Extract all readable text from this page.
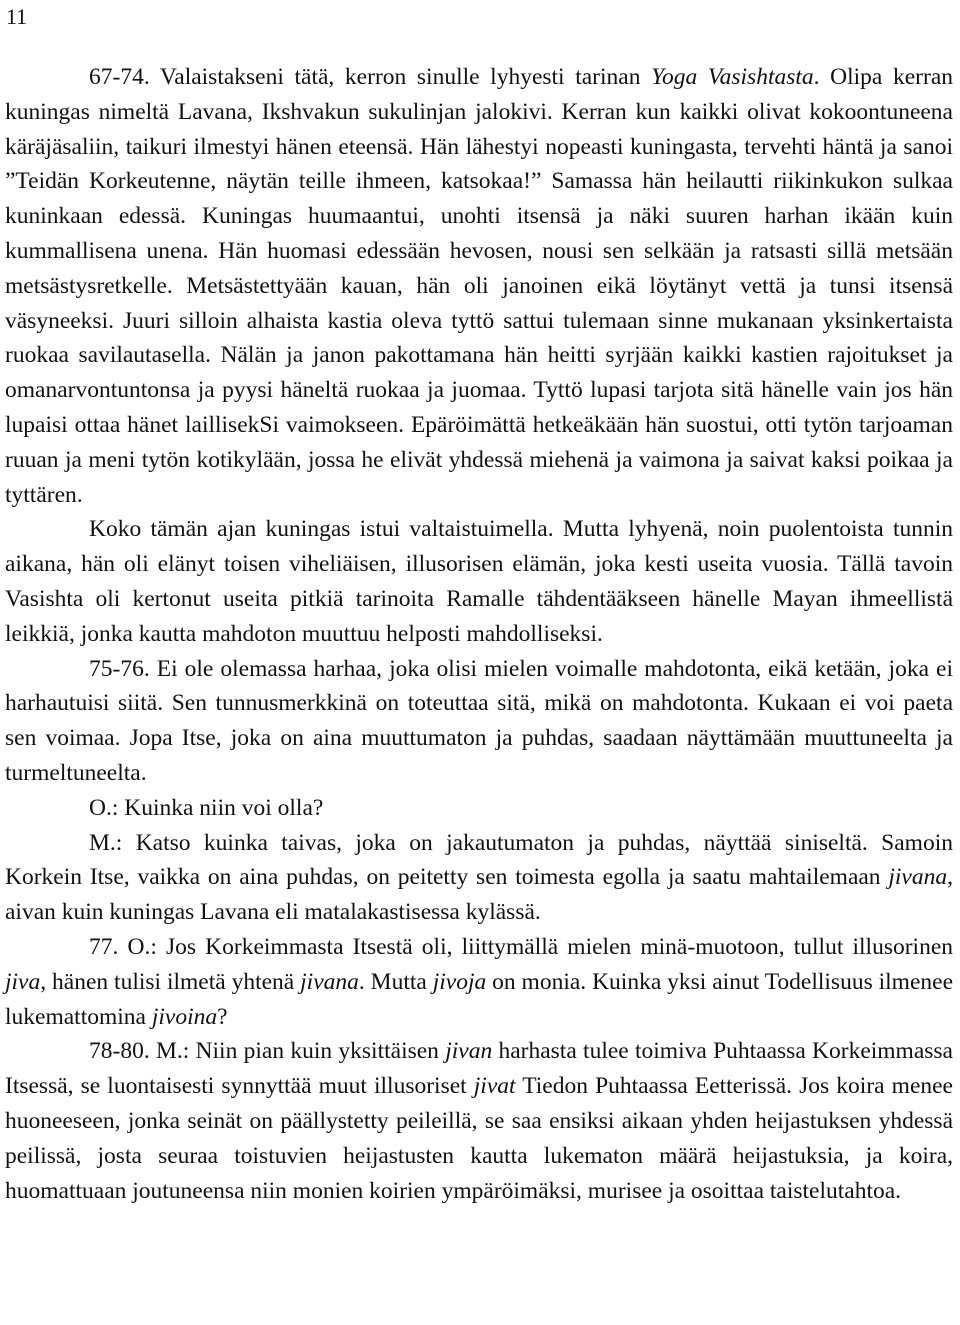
11

67-74. Valaistakseni tätä, kerron sinulle lyhyesti tarinan Yoga Vasishtasta. Olipa kerran kuningas nimeltä Lavana, Ikshvakun sukulinjan jalokivi. Kerran kun kaikki olivat kokoontuneena käräjäsaliin, taikuri ilmestyi hänen eteensä. Hän lähestyi nopeasti kuningasta, tervehti häntä ja sanoi ”Teidän Korkeutenne, näytän teille ihmeen, katsokaa!” Samassa hän heilautti riikinkukon sulkaa kuninkaan edessä. Kuningas huumaantui, unohti itsensä ja näki suuren harhan ikään kuin kummallisena unena. Hän huomasi edessään hevosen, nousi sen selkään ja ratsasti sillä metsään metsästysretkelle. Metsästettyään kauan, hän oli janoinen eikä löytänyt vettä ja tunsi itsensä väsyneeksi. Juuri silloin alhaista kastia oleva tyttö sattui tulemaan sinne mukanaan yksinkertaista ruokaa savilautasella. Nälän ja janon pakottamana hän heitti syrjään kaikki kastien rajoitukset ja omanarvontuntonsa ja pyysi häneltä ruokaa ja juomaa. Tyttö lupasi tarjota sitä hänelle vain jos hän lupaisi ottaa hänet laillisekSi vaimokseen. Epäröimättä hetkeäkään hän suostui, otti tytön tarjoaman ruuan ja meni tytön kotikylään, jossa he elivät yhdessä miehenä ja vaimona ja saivat kaksi poikaa ja tyttären.

Koko tämän ajan kuningas istui valtaistuimella. Mutta lyhyenä, noin puolentoista tunnin aikana, hän oli elänyt toisen viheliäisen, illusorisen elämän, joka kesti useita vuosia. Tällä tavoin Vasishta oli kertonut useita pitkiä tarinoita Ramalle tähdentääkseen hänelle Mayan ihmeellistä leikkiä, jonka kautta mahdoton muuttuu helposti mahdolliseksi.

75-76. Ei ole olemassa harhaa, joka olisi mielen voimalle mahdotonta, eikä ketään, joka ei harhautuisi siitä. Sen tunnusmerkkinä on toteuttaa sitä, mikä on mahdotonta. Kukaan ei voi paeta sen voimaa. Jopa Itse, joka on aina muuttumaton ja puhdas, saadaan näyttämään muuttuneelta ja turmeltuneelta.

O.: Kuinka niin voi olla?

M.: Katso kuinka taivas, joka on jakautumaton ja puhdas, näyttää siniseltä. Samoin Korkein Itse, vaikka on aina puhdas, on peitetty sen toimesta egolla ja saatu mahtailemaan jivana, aivan kuin kuningas Lavana eli matalakastisessa kylässä.

77. O.: Jos Korkeimmasta Itsestä oli, liittymällä mielen minä-muotoon, tullut illusorinen jiva, hänen tulisi ilmetä yhtenä jivana. Mutta jivoja on monia. Kuinka yksi ainut Todellisuus ilmenee lukemattomina jivoina?

78-80. M.: Niin pian kuin yksittäisen jivan harhasta tulee toimiva Puhtaassa Korkeimmassa Itsessä, se luontaisesti synnyttää muut illusoriset jivat Tiedon Puhtaassa Eetterissä. Jos koira menee huoneeseen, jonka seinät on päällystetty peileillä, se saa ensiksi aikaan yhden heijastuksen yhdessä peilissä, josta seuraa toistuvien heijastusten kautta lukematon määrä heijastuksia, ja koira, huomattuaan joutuneensa niin monien koirien ympäröimäksi, murisee ja osoittaa taistelutahtoa.
